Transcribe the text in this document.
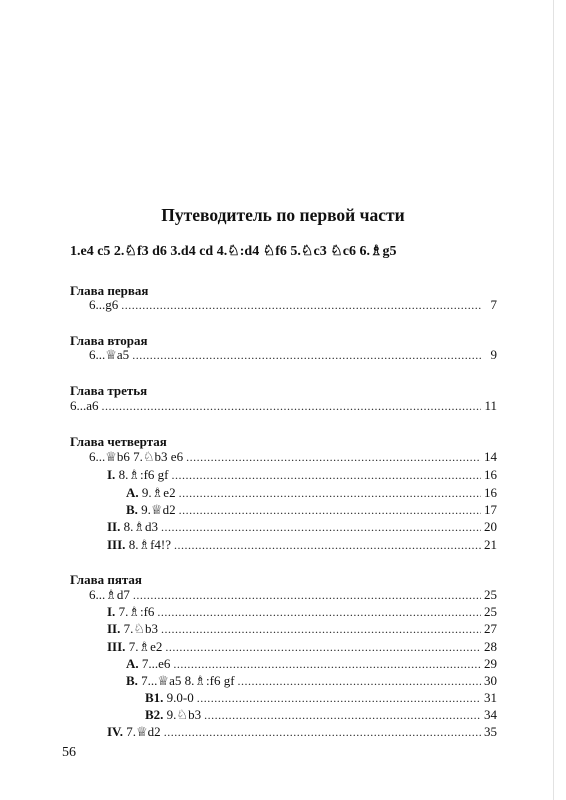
Путеводитель по первой части
1.e4 c5 2.♘f3 d6 3.d4 cd 4.♘:d4 ♘f6 5.♘c3 ♘c6 6.♗g5
Глава первая
6...g6 .....	7
Глава вторая
6...♕a5 .....	9
Глава третья
6...a6 .....	11
Глава четвертая
6...♕b6 7.♘b3 e6 .....	14
I. 8.♗:f6 gf .....	16
A. 9.♗e2 .....	16
B. 9.♕d2 .....	17
II. 8.♗d3 .....	20
III. 8.♗f4!? .....	21
Глава пятая
6...♗d7 .....	25
I. 7.♗:f6 .....	25
II. 7.♘b3 .....	27
III. 7.♗e2 .....	28
A. 7...e6 .....	29
B. 7...♕a5 8.♗:f6 gf .....	30
B1. 9.0-0 .....	31
B2. 9.♘b3 .....	34
IV. 7.♕d2 .....	35
56
